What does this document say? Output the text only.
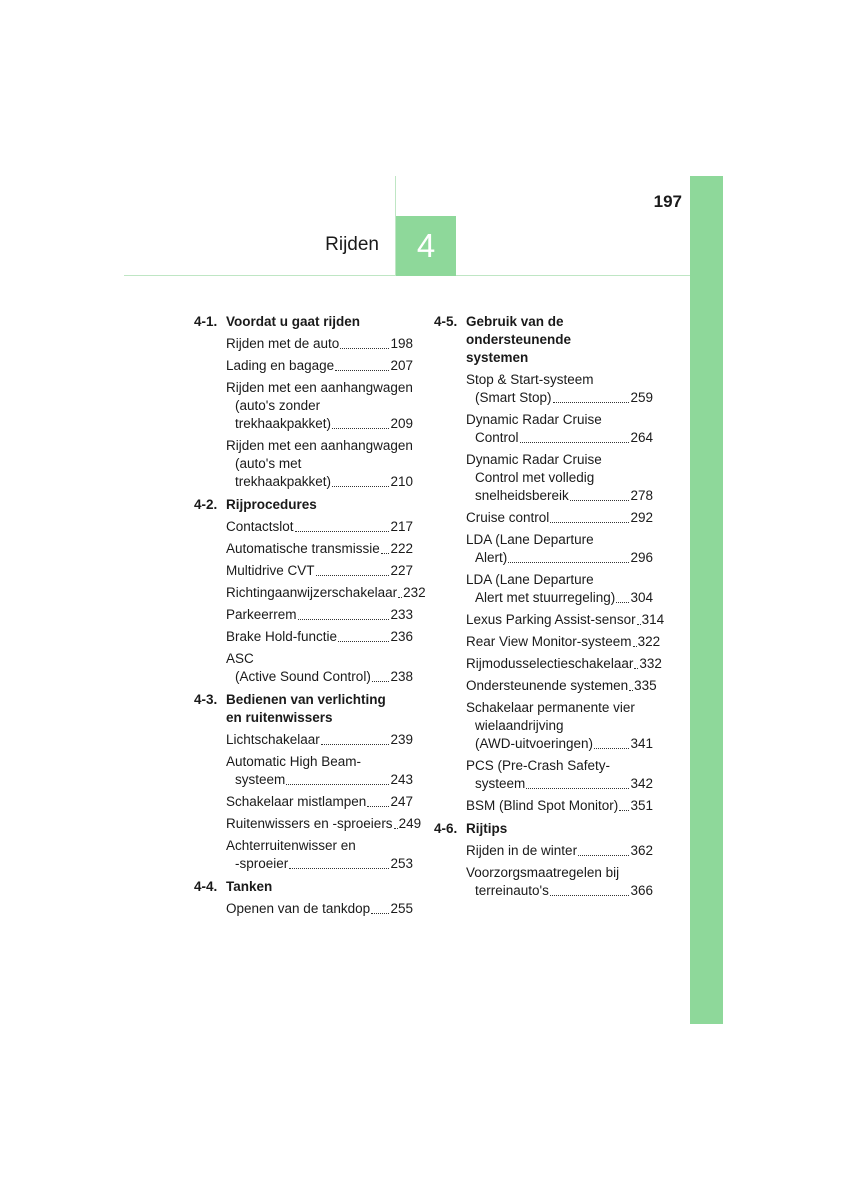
197
Rijden 4
4-1. Voordat u gaat rijden
Rijden met de auto	198
Lading en bagage	207
Rijden met een aanhangwagen
(auto's zonder
trekhaakpakket)	209
Rijden met een aanhangwagen
(auto's met
trekhaakpakket)	210
4-2. Rijprocedures
Contactslot	217
Automatische transmissie 222
Multidrive CVT	227
Richtingaanwijzerschakelaar 232
Parkeerrem	233
Brake Hold-functie	236
ASC
(Active Sound Control) 238
4-3. Bedienen van verlichting
en ruitenwissers
Lichtschakelaar	239
Automatic High Beam-
systeem	243
Schakelaar mistlampen 247
Ruitenwissers en -sproeiers 249
Achterruitenwisser en
-sproeier	253
4-4. Tanken
Openen van de tankdop 255
4-5. Gebruik van de ondersteunende
systemen
Stop & Start-systeem
(Smart Stop)	259
Dynamic Radar Cruise
Control	264
Dynamic Radar Cruise
Control met volledig
snelheidsbereik	278
Cruise control	292
LDA (Lane Departure
Alert)	296
LDA (Lane Departure
Alert met stuurregeling) 304
Lexus Parking Assist-sensor 314
Rear View Monitor-systeem 322
Rijmodusselectieschakelaar 332
Ondersteunende systemen 335
Schakelaar permanente vier
wielaandrijving
(AWD-uitvoeringen)	341
PCS (Pre-Crash Safety-
systeem	342
BSM (Blind Spot Monitor) 351
4-6. Rijtips
Rijden in de winter	362
Voorzorgsmaatregelen bij
terreinauto's	366
